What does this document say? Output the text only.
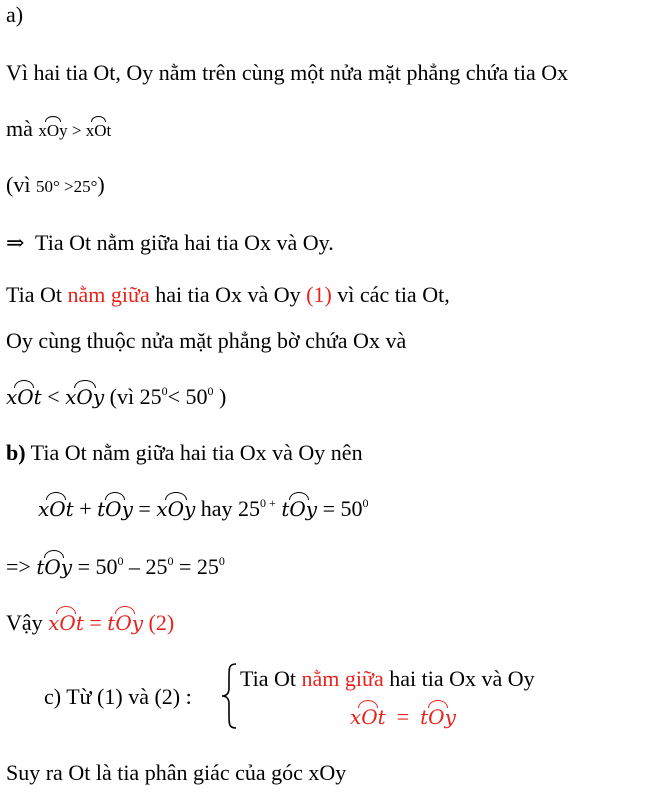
a)
Vì hai tia Ot, Oy nằm trên cùng một nửa mặt phẳng chứa tia Ox
mà xOy > xOt
(vì 50° >25°)
⇒ Tia Ot nằm giữa hai tia Ox và Oy.
Tia Ot nằm giữa hai tia Ox và Oy (1) vì các tia Ot,
Oy cùng thuộc nửa mặt phẳng bờ chứa Ox và
xOt < xOy (vì $25^0< 50^0$ )
b) Tia Ot nằm giữa hai tia Ox và Oy nên
xOt + tOy = xOy hay $25^{0 +}$ tOy = $50^0$
=> tOy = $50^0 - 25^0 = 25^0$
Vậy xOt = tOy (2)
c) Từ (1) và (2) :
Tia Ot nằm giữa hai tia Ox và Oy
xOt = tOy
Suy ra Ot là tia phân giác của góc xOy
